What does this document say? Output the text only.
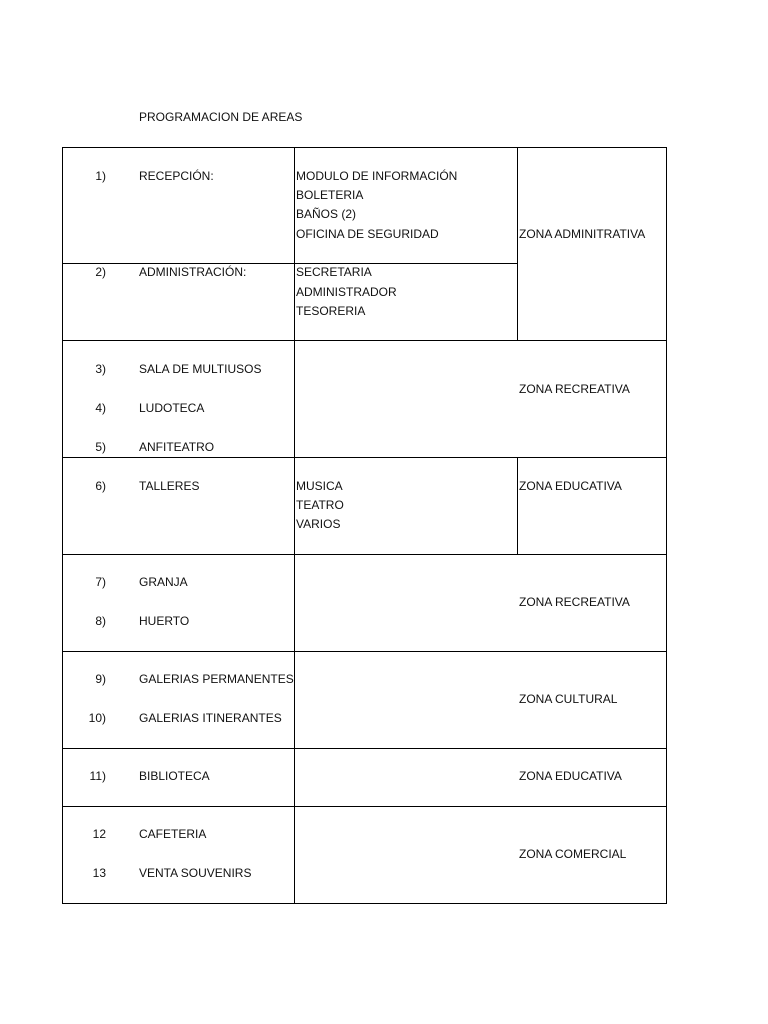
PROGRAMACION DE AREAS
1)	RECEPCIÓN:	MODULO DE INFORMACIÓN
BOLETERIA
BAÑOS (2)
OFICINA DE SEGURIDAD
2)	ADMINISTRACIÓN:	SECRETARIA
ADMINISTRADOR
TESORERIA
ZONA ADMINITRATIVA
3)	SALA DE MULTIUSOS
4)	LUDOTECA
5)	ANFITEATRO
ZONA RECREATIVA
6)	TALLERES	MUSICA
TEATRO
VARIOS
ZONA EDUCATIVA
7)	GRANJA
8)	HUERTO
ZONA RECREATIVA
9)	GALERIAS PERMANENTES
10)	GALERIAS ITINERANTES
ZONA CULTURAL
11)	BIBLIOTECA	ZONA EDUCATIVA
12	CAFETERIA
13	VENTA SOUVENIRS
ZONA COMERCIAL
